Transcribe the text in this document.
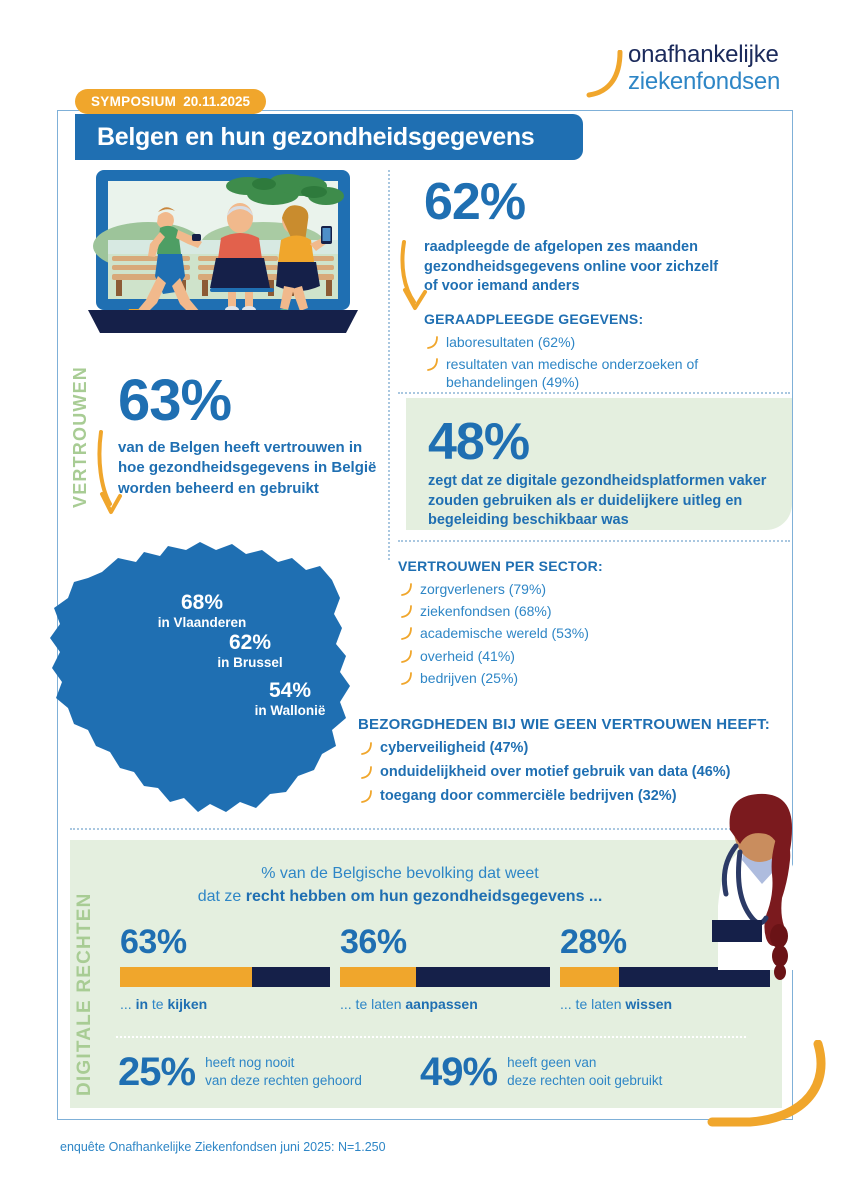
onafhankelijke
ziekenfondsen
Belgen en hun gezondheidsgegevens
SYMPOSIUM 20.11.2025
62%
raadpleegde de afgelopen zes maanden gezondheidsgegevens online voor zichzelf of voor iemand anders
GERAADPLEEGDE GEGEVENS:
laboresultaten (62%)
resultaten van medische onderzoeken of behandelingen (49%)
48%
zegt dat ze digitale gezondheidsplatformen vaker zouden gebruiken als er duidelijkere uitleg en begeleiding beschikbaar was
VERTROUWEN PER SECTOR:
zorgverleners (79%)
ziekenfondsen (68%)
academische wereld (53%)
overheid (41%)
bedrijven (25%)
BEZORGDHEDEN BIJ WIE GEEN VERTROUWEN HEEFT:
cyberveiligheid (47%)
onduidelijkheid over motief gebruik van data (46%)
toegang door commerciële bedrijven (32%)
VERTROUWEN 63%
van de Belgen heeft vertrouwen in hoe gezondheidsgegevens in België worden beheerd en gebruikt
68%
in Vlaanderen
62%
in Brussel
54%
in Wallonië
DIGITALE RECHTEN
% van de Belgische bevolking dat weet
dat ze recht hebben om hun gezondheidsgegevens ...
63%
... in te kijken
36%
... te laten aanpassen
28%
... te laten wissen
25% heeft nog nooit
van deze rechten gehoord 49% heeft geen van
deze rechten ooit gebruikt
enquête Onafhankelijke Ziekenfondsen juni 2025: N=1.250
